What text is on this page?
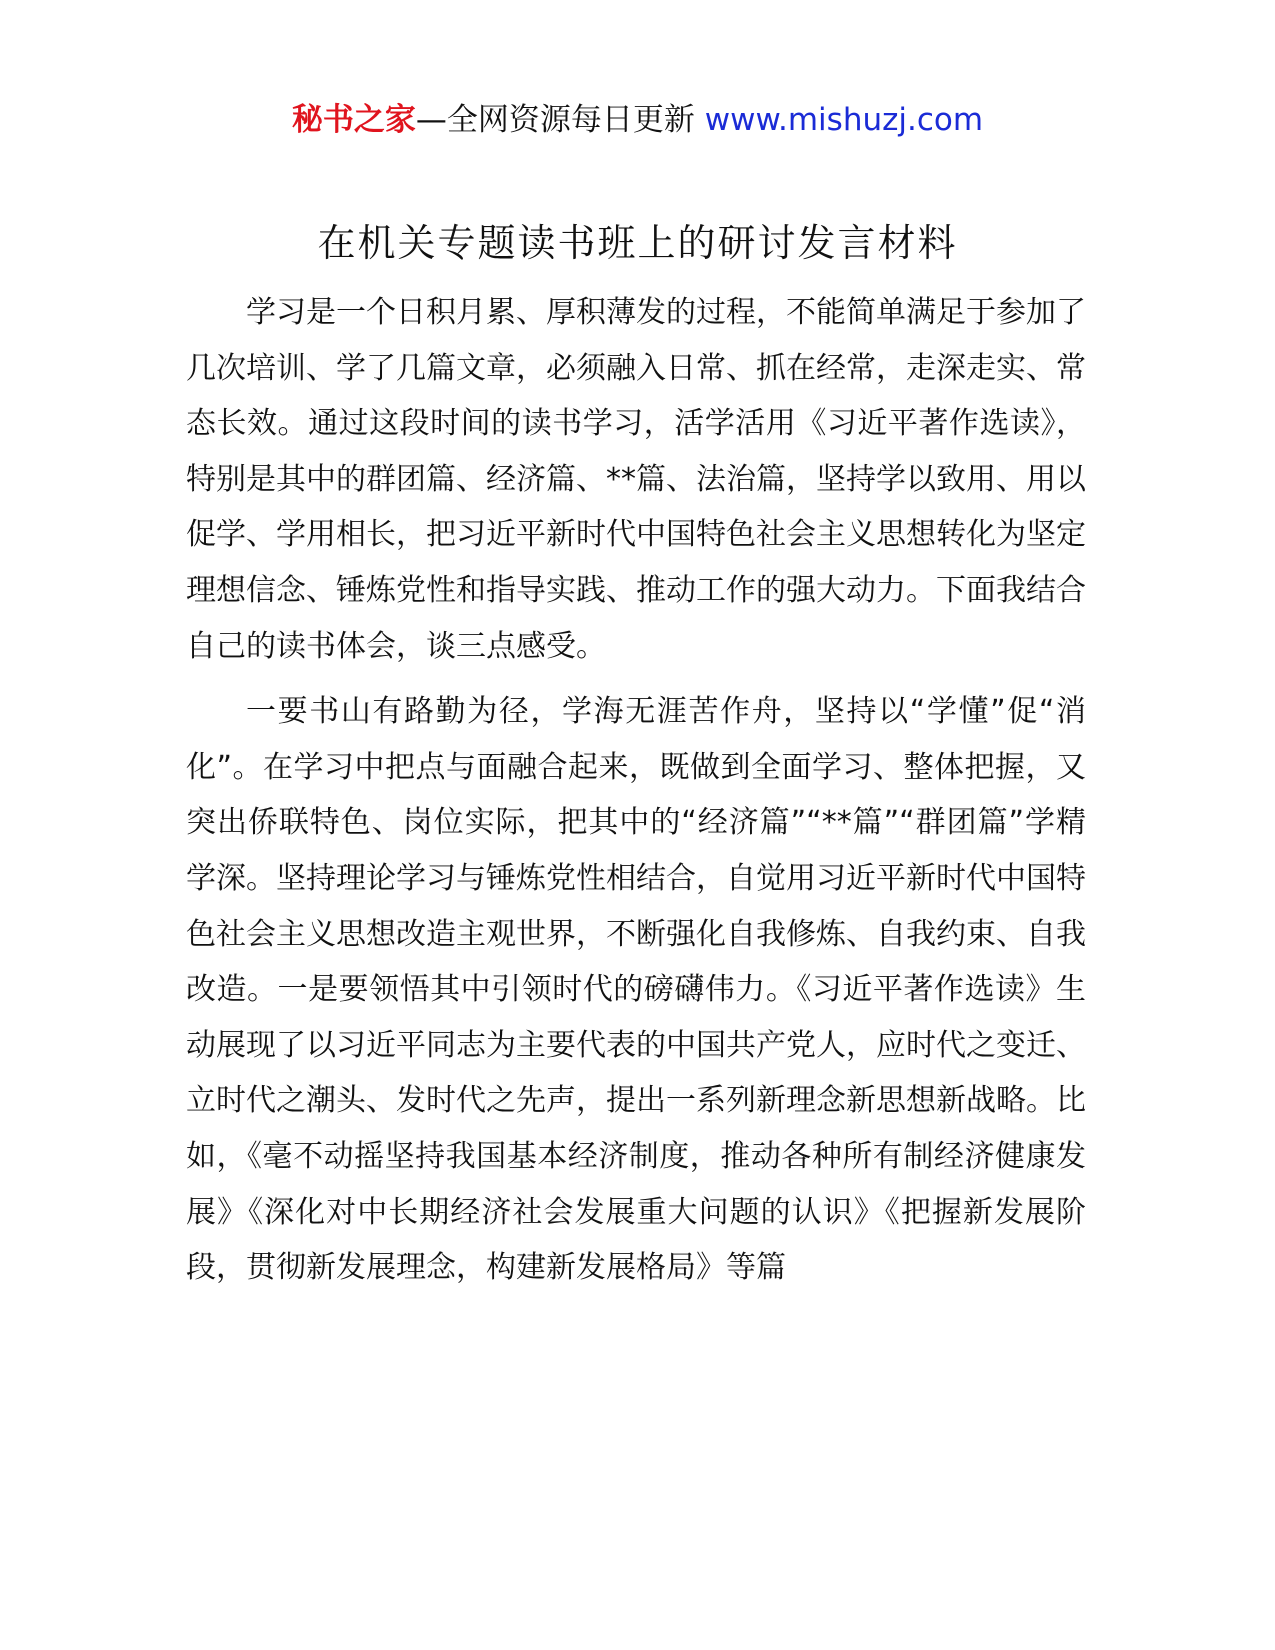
秘书之家—全网资源每日更新 www.mishuzj.com
在机关专题读书班上的研讨发言材料

学习是一个日积月累、厚积薄发的过程，不能简单满足于参加了几次培训、学了几篇文章，必须融入日常、抓在经常，走深走实、常态长效。通过这段时间的读书学习，活学活用《习近平著作选读》，特别是其中的群团篇、经济篇、**篇、法治篇，坚持学以致用、用以促学、学用相长，把习近平新时代中国特色社会主义思想转化为坚定理想信念、锤炼党性和指导实践、推动工作的强大动力。下面我结合自己的读书体会，谈三点感受。

一要书山有路勤为径，学海无涯苦作舟，坚持以“学懂”促“消化”。在学习中把点与面融合起来，既做到全面学习、整体把握，又突出侨联特色、岗位实际，把其中的“经济篇”“**篇”“群团篇”学精学深。坚持理论学习与锤炼党性相结合，自觉用习近平新时代中国特色社会主义思想改造主观世界，不断强化自我修炼、自我约束、自我改造。一是要领悟其中引领时代的磅礴伟力。《习近平著作选读》生动展现了以习近平同志为主要代表的中国共产党人，应时代之变迁、立时代之潮头、发时代之先声，提出一系列新理念新思想新战略。比如，《毫不动摇坚持我国基本经济制度，推动各种所有制经济健康发展》《深化对中长期经济社会发展重大问题的认识》《把握新发展阶段，贯彻新发展理念，构建新发展格局》等篇
